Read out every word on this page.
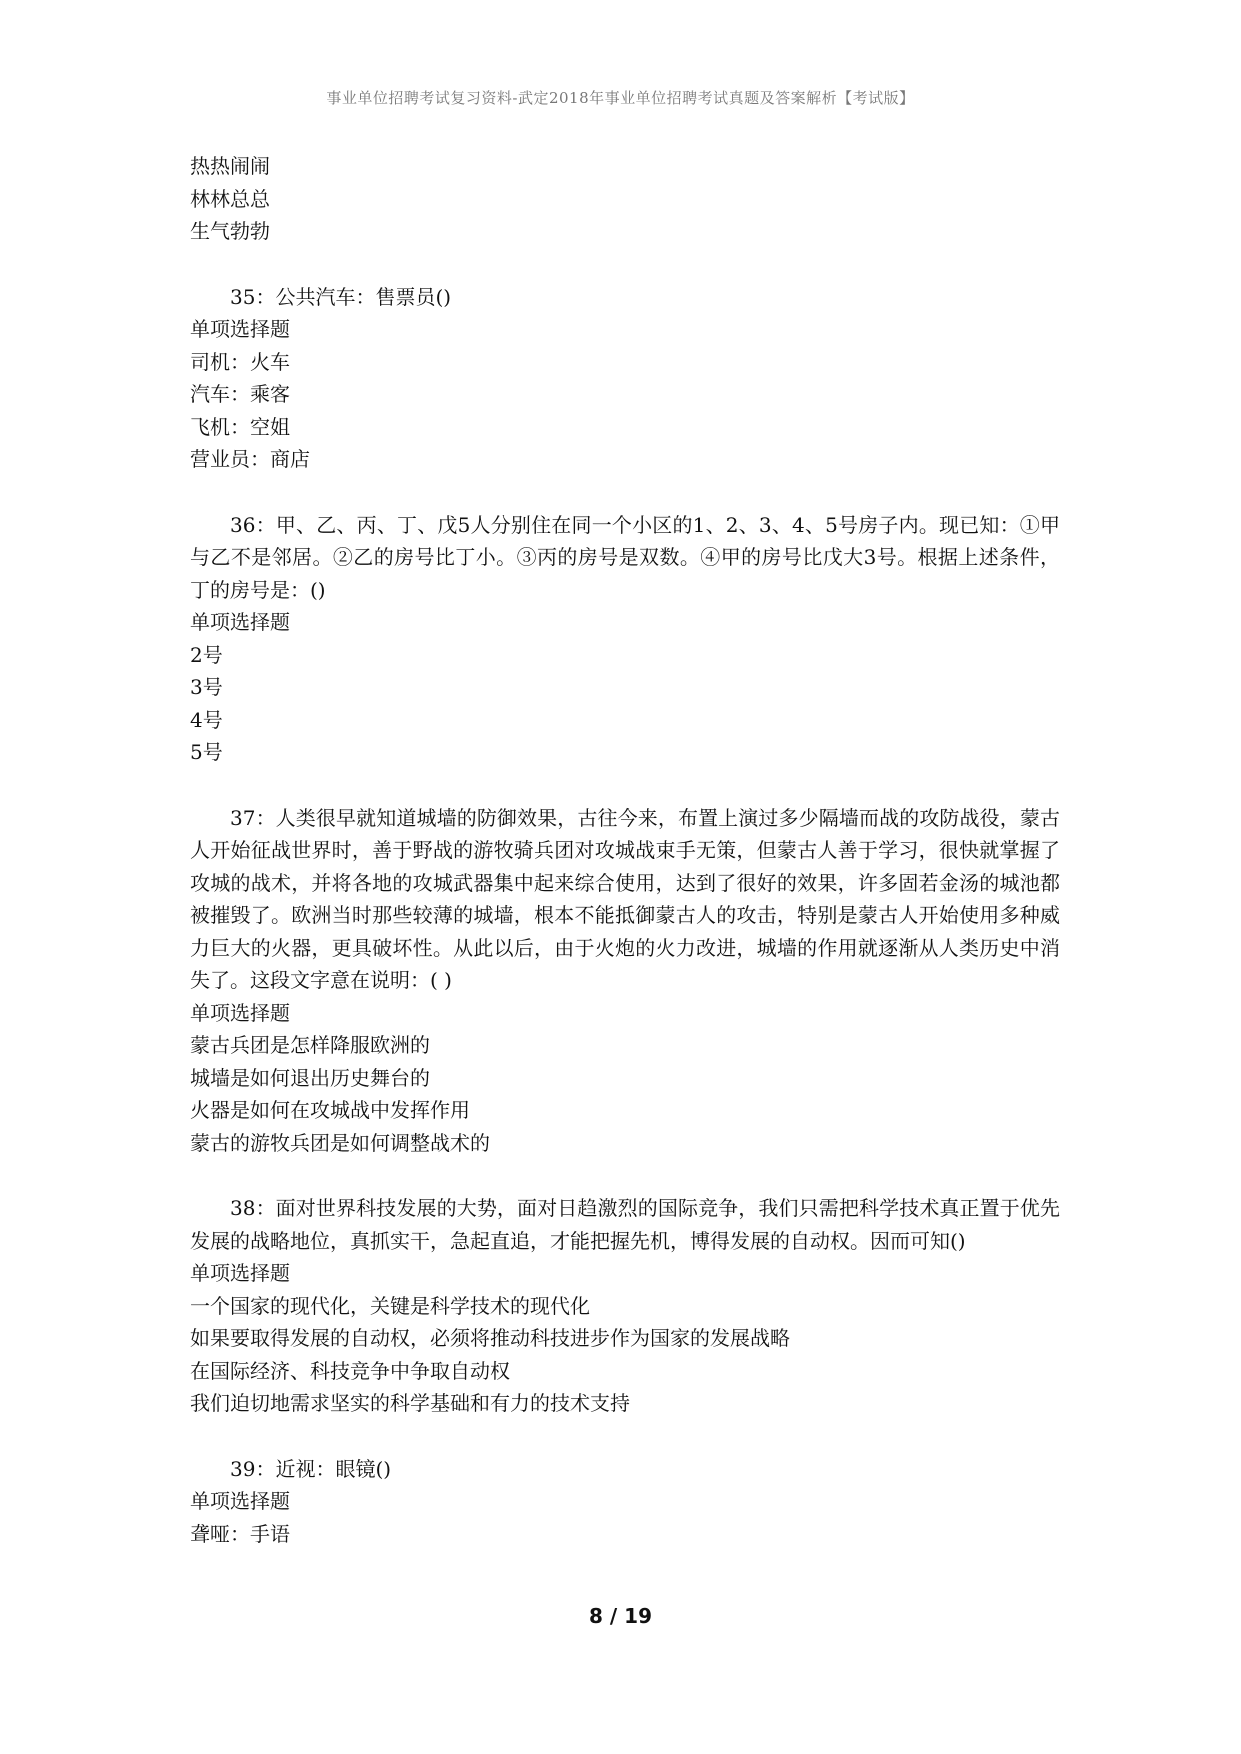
事业单位招聘考试复习资料-武定2018年事业单位招聘考试真题及答案解析【考试版】

热热闹闹

林林总总

生气勃勃

35：公共汽车：售票员()

单项选择题

司机：火车

汽车：乘客

飞机：空姐

营业员：商店

36：甲、乙、丙、丁、戊5人分别住在同一个小区的1、2、3、4、5号房子内。现已知：①甲与乙不是邻居。②乙的房号比丁小。③丙的房号是双数。④甲的房号比戊大3号。根据上述条件，丁的房号是：()

单项选择题

2号

3号

4号

5号

37：人类很早就知道城墙的防御效果，古往今来，布置上演过多少隔墙而战的攻防战役，蒙古人开始征战世界时，善于野战的游牧骑兵团对攻城战束手无策，但蒙古人善于学习，很快就掌握了攻城的战术，并将各地的攻城武器集中起来综合使用，达到了很好的效果，许多固若金汤的城池都被摧毁了。欧洲当时那些较薄的城墙，根本不能抵御蒙古人的攻击，特别是蒙古人开始使用多种威力巨大的火器，更具破坏性。从此以后，由于火炮的火力改进，城墙的作用就逐渐从人类历史中消失了。这段文字意在说明：( )

单项选择题

蒙古兵团是怎样降服欧洲的

城墙是如何退出历史舞台的

火器是如何在攻城战中发挥作用

蒙古的游牧兵团是如何调整战术的

38：面对世界科技发展的大势，面对日趋激烈的国际竞争，我们只需把科学技术真正置于优先发展的战略地位，真抓实干，急起直追，才能把握先机，博得发展的自动权。因而可知()

单项选择题

一个国家的现代化，关键是科学技术的现代化

如果要取得发展的自动权，必须将推动科技进步作为国家的发展战略

在国际经济、科技竞争中争取自动权

我们迫切地需求坚实的科学基础和有力的技术支持

39：近视：眼镜()

单项选择题

聋哑：手语

8 / 19
